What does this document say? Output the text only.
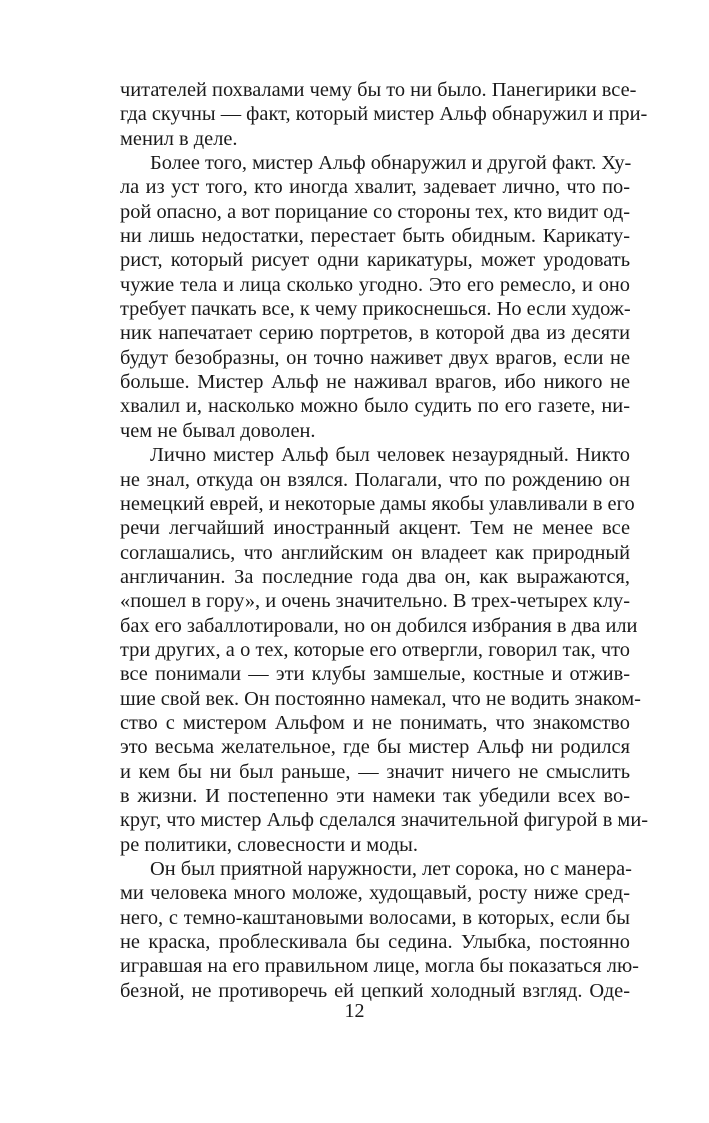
читателей похвалами чему бы то ни было. Панегирики все-
гда скучны — факт, который мистер Альф обнаружил и при-
менил в деле.
Более того, мистер Альф обнаружил и другой факт. Ху-
ла из уст того, кто иногда хвалит, задевает лично, что по-
рой опасно, а вот порицание со стороны тех, кто видит од-
ни лишь недостатки, перестает быть обидным. Карикату-
рист, который рисует одни карикатуры, может уродовать
чужие тела и лица сколько угодно. Это его ремесло, и оно
требует пачкать все, к чему прикоснешься. Но если худож-
ник напечатает серию портретов, в которой два из десяти
будут безобразны, он точно наживет двух врагов, если не
больше. Мистер Альф не наживал врагов, ибо никого не
хвалил и, насколько можно было судить по его газете, ни-
чем не бывал доволен.
Лично мистер Альф был человек незаурядный. Никто
не знал, откуда он взялся. Полагали, что по рождению он
немецкий еврей, и некоторые дамы якобы улавливали в его
речи легчайший иностранный акцент. Тем не менее все
соглашались, что английским он владеет как природный
англичанин. За последние года два он, как выражаются,
«пошел в гору», и очень значительно. В трех-четырех клу-
бах его забаллотировали, но он добился избрания в два или
три других, а о тех, которые его отвергли, говорил так, что
все понимали — эти клубы замшелые, костные и отжив-
шие свой век. Он постоянно намекал, что не водить знаком-
ство с мистером Альфом и не понимать, что знакомство
это весьма желательное, где бы мистер Альф ни родился
и кем бы ни был раньше, — значит ничего не смыслить
в жизни. И постепенно эти намеки так убедили всех во-
круг, что мистер Альф сделался значительной фигурой в ми-
ре политики, словесности и моды.
Он был приятной наружности, лет сорока, но с манера-
ми человека много моложе, худощавый, росту ниже сред-
него, с темно-каштановыми волосами, в которых, если бы
не краска, проблескивала бы седина. Улыбка, постоянно
игравшая на его правильном лице, могла бы показаться лю-
безной, не противоречь ей цепкий холодный взгляд. Оде-
12
